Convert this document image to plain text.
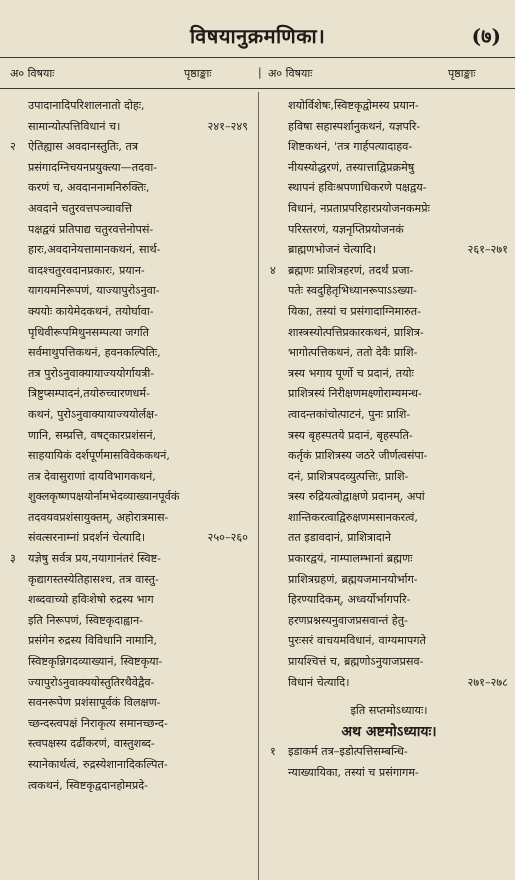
विषयानुक्रमणिका।	(७)
अ० विषयाः	पृष्ठाङ्काः	| अ० विषयाः	पृष्ठाङ्काः
उपादानादिपरिशालनातो दोहः,
सामान्योत्पत्तिविधानं च।	२४१–२४९
२ ऐतिह्यास अवदानस्तुतिः, तत्र
प्रसंगादग्निचयनप्रयुक्त्या—तदवा-
करणं च, अवदाननामनिरुक्तिः,
अवदाने चतुरवत्तपञ्चावत्ति
पक्षद्वयं प्रतिपाद्य चतुरवत्तेनोपसं-
हारः,अवदानेयत्तामानकथनं, सार्थ-
वादश्चतुरवदानप्रकारः, प्रयान-
यागयमनिरूपणं, याज्यापुरोऽनुवा-
क्ययोः कायेमेदकथनं, तयोर्घावा-
पृथिवीरूपमिथुनसम्पत्या जगति
सर्वमाथुपत्तिकथनं, हवनकल्पितिः,
तत्र पुरोऽनुवाक्यायाज्ययोर्गायत्री-
त्रिष्टुप्सम्पादनं,तयोरुच्चारणधर्म-
कथनं, पुरोऽनुवाक्यायाज्ययोर्लक्ष-
णानि, सम्प्रत्ति, वषट्कारप्रशंसनं,
साहयायिकं दर्शपूर्णमासविवेककथनं,
तत्र देवासुराणां दायविभागकथनं,
शुक्लकृष्णपक्षयोर्नामभेदव्याख्यानपूर्वकं
तदवयवप्रशंसायुक्तम्, अहोरात्रमास-
संवत्सरनाम्नां प्रदर्शनं चेत्यादि।	२५०–२६०
३ यज्ञेषु सर्वत्र प्रय,नयागानंतरं स्विष्ट-
कृद्यागस्तस्येतिहासश्च, तत्र वास्तु-
शब्दवाच्यो हविःशेषो रुद्रस्य भाग
इति निरूपणं, स्विष्टकृदाह्वान-
प्रसंगेन रुद्रस्य विविधानि नामानि,
स्विष्टकृन्निगदव्याख्यानं, स्विष्टकृया-
ज्यापुरोऽनुवाक्ययोस्तुतिरथैवेद्वैव-
सवनरूपेण प्रशंसापूर्वकं विलक्षण-
च्छन्दस्त्वपक्षं निराकृत्य समानच्छन्द-
स्त्वपक्षस्य दर्ढीकरणं, वास्तुशब्द-
स्यानेकार्थत्वं, रुद्रस्येशानादिकल्पित-
त्वकथनं, स्विष्टकृद्वदानहोमप्रदे-
शयोर्विशेषः,स्विष्टकृद्वोमस्य प्रयान-
हविषा सहास्पर्शानुकथनं, यज्ञपरि-
शिष्टकथनं, 'तत्र गार्हपत्यादाहव-
नीयस्योद्धरणं, तस्यात्ताद्विप्रक्रमेषु
स्थापनं हविःश्रपणाधिकरणे पक्षद्वय-
विधानं, नप्रताप्रपरिहारप्रयोजनकमप्रेः
परिस्तरणं, यज्ञनृप्तिप्रयोजनकं
ब्राह्मणभोजनं चेत्यादि।	२६१–२७१
४ ब्रह्मणः प्राशित्रहरणं, तदर्थं प्रजा-
पतेः स्वदुहितृभिध्यानरूपाऽऽख्या-
यिका, तस्यां च प्रसंगादाग्निमारुत-
शास्त्रस्योत्पत्तिप्रकारकथनं, प्राशित्र-
भागोत्पत्तिकथनं, ततो देवैः प्राशि-
त्रस्य भगाय पूर्णो च प्रदानं, तयोः
प्राशित्रस्यं निरीक्षणमक्ष्णोराम्यमन्ध-
त्वादन्तकांचोत्पाटनं, पुनः प्राशि-
त्रस्य बृहस्पतये प्रदानं, बृहस्पति-
कर्तृकं प्राशित्रस्य जठरे जीर्णत्वसंपा-
दनं, प्राशित्रपदव्युत्पत्तिः, प्राशि-
त्रस्य रुद्रियत्वोद्वाक्षणे प्रदानम्, अपां
शान्तिकरत्वाद्विरुक्षणमसानकरत्वं,
तत इडावदानं, प्राशित्रादाने
प्रकारद्वयं, नाम्पालम्भानां ब्रह्मणः
प्राशित्रग्रहणं, ब्रह्मयजमानयोर्भाग-
हिरण्यादिकम्, अध्वर्योर्भागपरि-
हरणप्रश्नस्यनुवाजप्रसवान्तं हेतु-
पुरःसरं वाचयमविधानं, वाग्यमापगते
प्रायश्चित्तं च, ब्रह्मणोऽनुयाजप्रसव-
विधानं चेत्यादि।	२७१–२७८
इति सप्तमोऽध्यायः।
अथ अष्टमोऽध्यायः।
१ इडाकर्म तत्र–इडोत्पत्तिसम्बन्धि-
न्याख्यायिका, तस्यां च प्रसंगागम-
